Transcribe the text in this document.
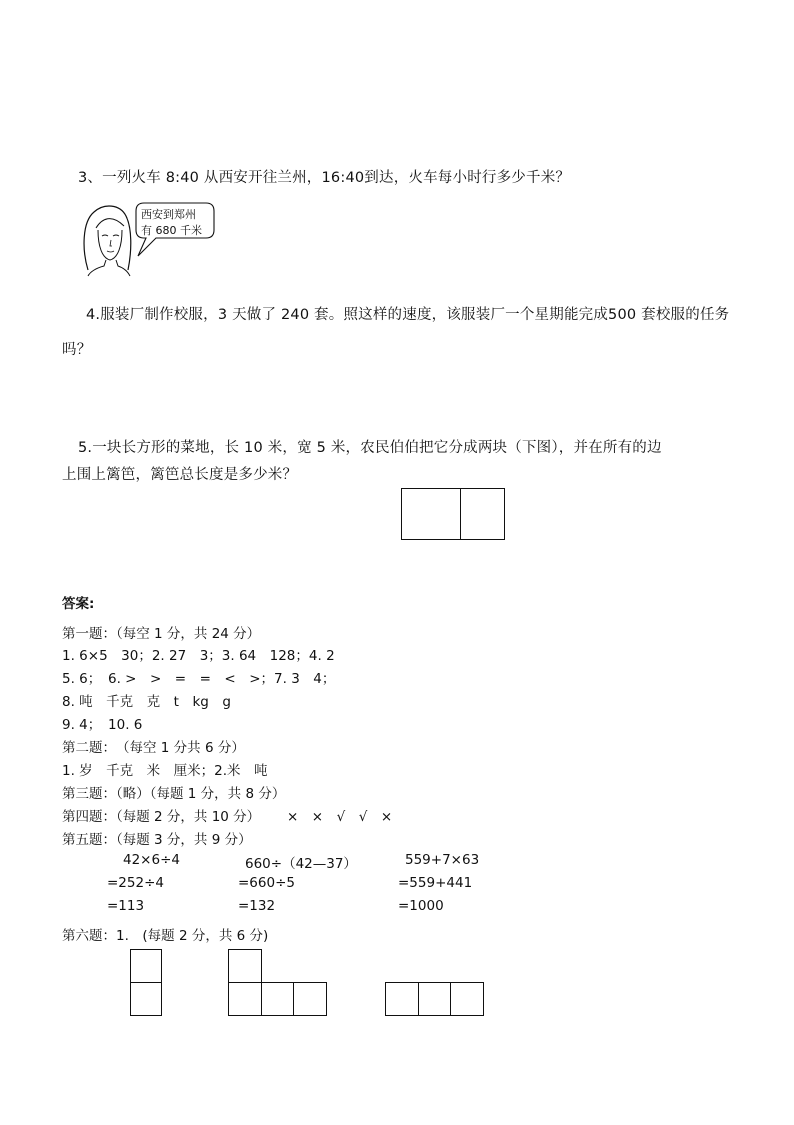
3、一列火车 8:40 从西安开往兰州，16:40到达，火车每小时行多少千米？
西安到郑州
有 680 千米
4.服装厂制作校服，3 天做了 240 套。照这样的速度，该服装厂一个星期能完成500 套校服的任务
吗？
5.一块长方形的菜地，长 10 米，宽 5 米，农民伯伯把它分成两块（下图），并在所有的边
上围上篱笆，篱笆总长度是多少米？
答案:
第一题：（每空 1 分，共 24 分）
1. 6×5　30；2. 27　3；3. 64　128；4. 2
5. 6；　6. >　>　=　=　<　>；7. 3　4；
8. 吨　千克　克　t　kg　g
9. 4；　10. 6
第二题：　（每空 1 分共 6 分）
1. 岁　千克　米　厘米；2.米　吨
第三题：（略）（每题 1 分，共 8 分）
第四题：（每题 2 分，共 10 分） ×　×　√　√　×
第五题：（每题 3 分，共 9 分）
42×6÷4
=252÷4
=113
660÷（42—37）
=660÷5
=132
559+7×63
=559+441
=1000
第六题：1.　(每题 2 分，共 6 分)
